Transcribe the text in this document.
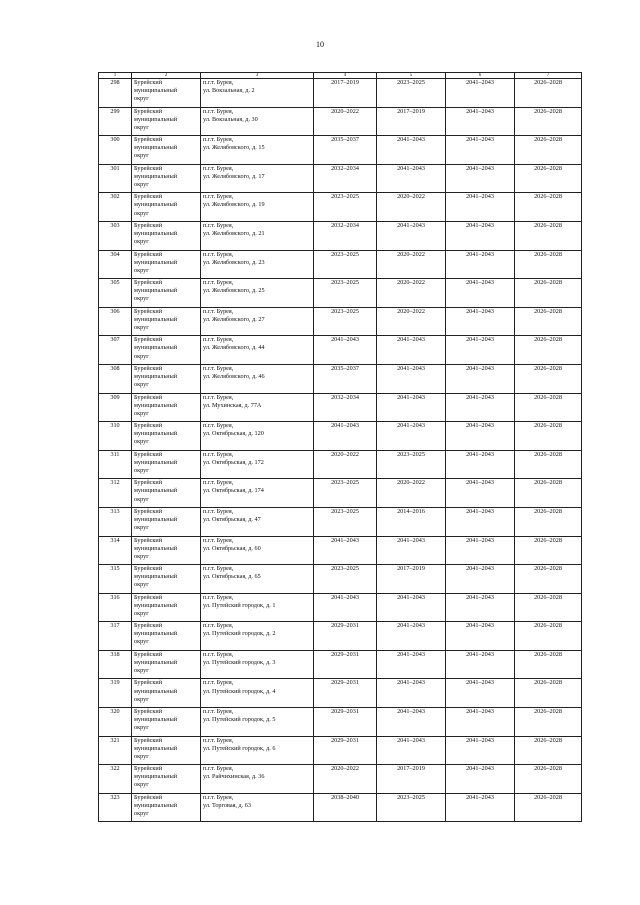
10
1	2	3	4	5	6	7
298	Бурейский
муниципальный
округ	п.г.т. Бурея,
ул. Вокзальная, д. 2	2017–2019	2023–2025	2041–2043	2026–2028
299	Бурейский
муниципальный
округ	п.г.т. Бурея,
ул. Вокзальная, д. 30	2020–2022	2017–2019	2041–2043	2026–2028
300	Бурейский
муниципальный
округ	п.г.т. Бурея,
ул. Желябовского, д. 15	2035–2037	2041–2043	2041–2043	2026–2028
301	Бурейский
муниципальный
округ	п.г.т. Бурея,
ул. Желябовского, д. 17	2032–2034	2041–2043	2041–2043	2026–2028
302	Бурейский
муниципальный
округ	п.г.т. Бурея,
ул. Желябовского, д. 19	2023–2025	2020–2022	2041–2043	2026–2028
303	Бурейский
муниципальный
округ	п.г.т. Бурея,
ул. Желябовского, д. 21	2032–2034	2041–2043	2041–2043	2026–2028
304	Бурейский
муниципальный
округ	п.г.т. Бурея,
ул. Желябовского, д. 23	2023–2025	2020–2022	2041–2043	2026–2028
305	Бурейский
муниципальный
округ	п.г.т. Бурея,
ул. Желябовского, д. 25	2023–2025	2020–2022	2041–2043	2026–2028
306	Бурейский
муниципальный
округ	п.г.т. Бурея,
ул. Желябовского, д. 27	2023–2025	2020–2022	2041–2043	2026–2028
307	Бурейский
муниципальный
округ	п.г.т. Бурея,
ул. Желябовского, д. 44	2041–2043	2041–2043	2041–2043	2026–2028
308	Бурейский
муниципальный
округ	п.г.т. Бурея,
ул. Желябовского, д. 46	2035–2037	2041–2043	2041–2043	2026–2028
309	Бурейский
муниципальный
округ	п.г.т. Бурея,
ул. Мухинская, д. 77А	2032–2034	2041–2043	2041–2043	2026–2028
310	Бурейский
муниципальный
округ	п.г.т. Бурея,
ул. Октябрьская, д. 120	2041–2043	2041–2043	2041–2043	2026–2028
311	Бурейский
муниципальный
округ	п.г.т. Бурея,
ул. Октябрьская, д. 172	2020–2022	2023–2025	2041–2043	2026–2028
312	Бурейский
муниципальный
округ	п.г.т. Бурея,
ул. Октябрьская, д. 174	2023–2025	2020–2022	2041–2043	2026–2028
313	Бурейский
муниципальный
округ	п.г.т. Бурея,
ул. Октябрьская, д. 47	2023–2025	2014–2016	2041–2043	2026–2028
314	Бурейский
муниципальный
округ	п.г.т. Бурея,
ул. Октябрьская, д. 60	2041–2043	2041–2043	2041–2043	2026–2028
315	Бурейский
муниципальный
округ	п.г.т. Бурея,
ул. Октябрьская, д. 65	2023–2025	2017–2019	2041–2043	2026–2028
316	Бурейский
муниципальный
округ	п.г.т. Бурея,
ул. Путейский городок, д. 1	2041–2043	2041–2043	2041–2043	2026–2028
317	Бурейский
муниципальный
округ	п.г.т. Бурея,
ул. Путейский городок, д. 2	2029–2031	2041–2043	2041–2043	2026–2028
318	Бурейский
муниципальный
округ	п.г.т. Бурея,
ул. Путейский городок, д. 3	2029–2031	2041–2043	2041–2043	2026–2028
319	Бурейский
муниципальный
округ	п.г.т. Бурея,
ул. Путейский городок, д. 4	2029–2031	2041–2043	2041–2043	2026–2028
320	Бурейский
муниципальный
округ	п.г.т. Бурея,
ул. Путейский городок, д. 5	2029–2031	2041–2043	2041–2043	2026–2028
321	Бурейский
муниципальный
округ	п.г.т. Бурея,
ул. Путейский городок, д. 6	2029–2031	2041–2043	2041–2043	2026–2028
322	Бурейский
муниципальный
округ	п.г.т. Бурея,
ул. Райчихинская, д. 36	2020–2022	2017–2019	2041–2043	2026–2028
323	Бурейский
муниципальный
округ	п.г.т. Бурея,
ул. Торговая, д. 63	2038–2040	2023–2025	2041–2043	2026–2028
